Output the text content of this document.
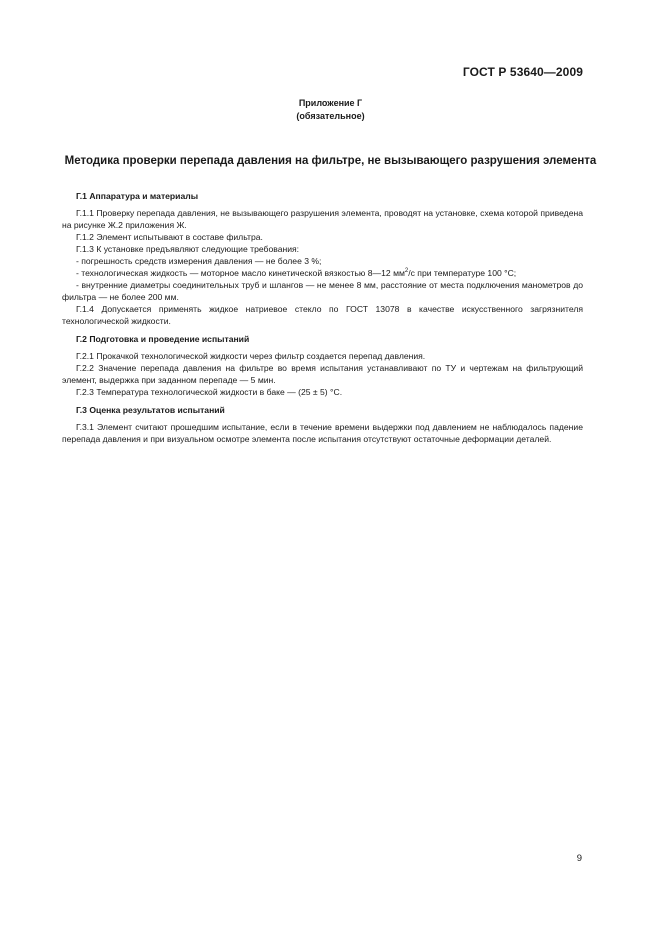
ГОСТ Р 53640—2009
Приложение Г
(обязательное)
Методика проверки перепада давления на фильтре, не вызывающего разрушения элемента
Г.1 Аппаратура и материалы

Г.1.1 Проверку перепада давления, не вызывающего разрушения элемента, проводят на установке, схема которой приведена на рисунке Ж.2 приложения Ж.

Г.1.2 Элемент испытывают в составе фильтра.

Г.1.3 К установке предъявляют следующие требования:

- погрешность средств измерения давления — не более 3 %;

- технологическая жидкость — моторное масло кинетической вязкостью 8—12 $мм^2/с$ при температуре 100 °С;

- внутренние диаметры соединительных труб и шлангов — не менее 8 мм, расстояние от места подключения манометров до фильтра — не более 200 мм.

Г.1.4 Допускается применять жидкое натриевое стекло по ГОСТ 13078 в качестве искусственного загрязнителя технологической жидкости.

Г.2 Подготовка и проведение испытаний

Г.2.1 Прокачкой технологической жидкости через фильтр создается перепад давления.

Г.2.2 Значение перепада давления на фильтре во время испытания устанавливают по ТУ и чертежам на фильтрующий элемент, выдержка при заданном перепаде — 5 мин.

Г.2.3 Температура технологической жидкости в баке — (25 ± 5) °С.

Г.3 Оценка результатов испытаний

Г.3.1 Элемент считают прошедшим испытание, если в течение времени выдержки под давлением не наблюдалось падение перепада давления и при визуальном осмотре элемента после испытания отсутствуют остаточные деформации деталей.

9
